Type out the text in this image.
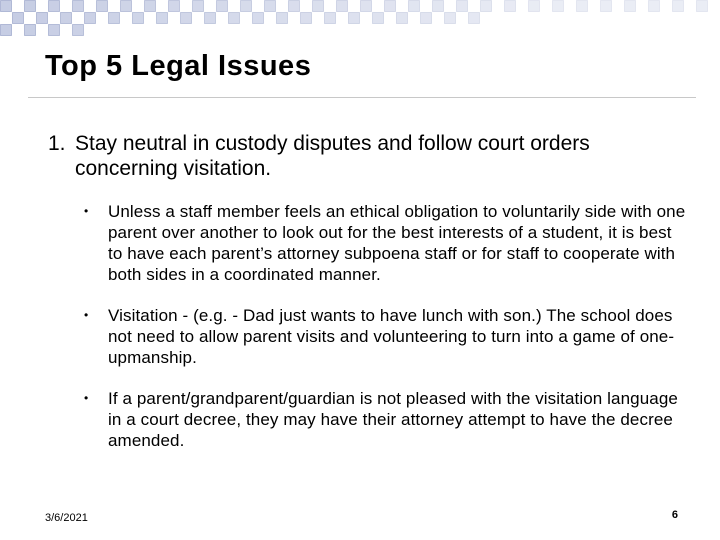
Top 5 Legal Issues
1. Stay neutral in custody disputes and follow court orders concerning visitation.
• Unless a staff member feels an ethical obligation to voluntarily side with one parent over another to look out for the best interests of a student, it is best to have each parent’s attorney subpoena staff or for staff to cooperate with both sides in a coordinated manner.
• Visitation - (e.g. - Dad just wants to have lunch with son.) The school does not need to allow parent visits and volunteering to turn into a game of one-upmanship.
• If a parent/grandparent/guardian is not pleased with the visitation language in a court decree, they may have their attorney attempt to have the decree amended.
3/6/2021	6
